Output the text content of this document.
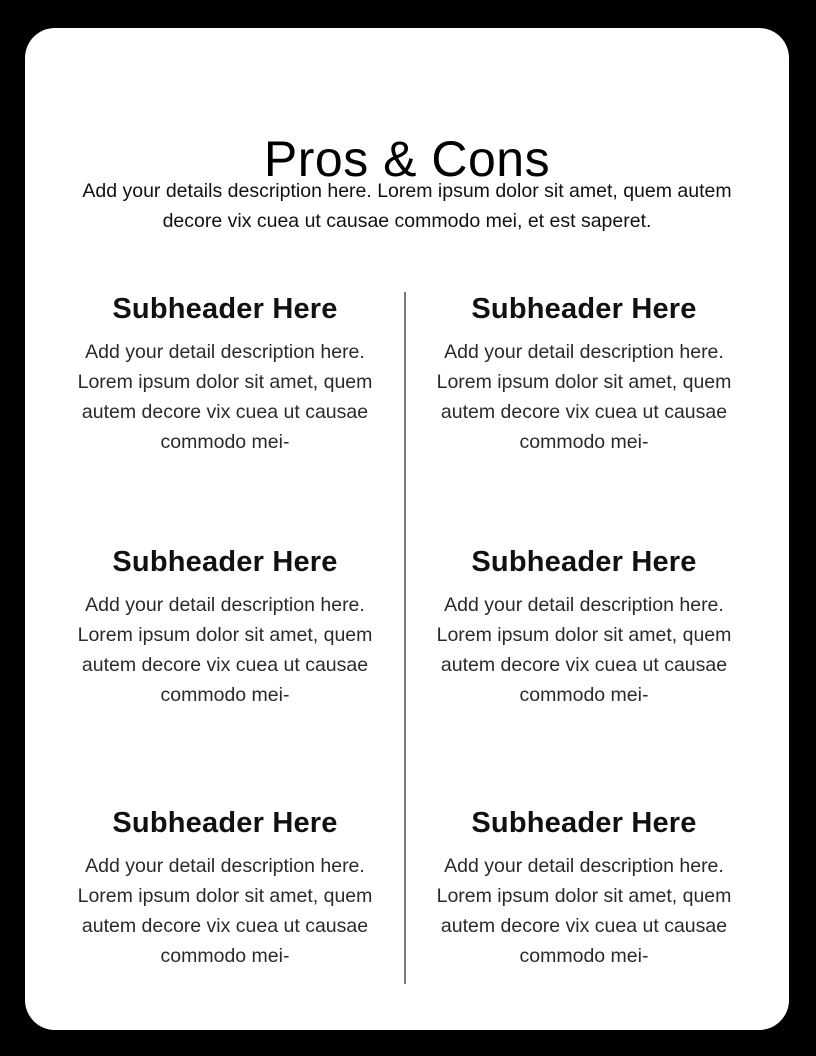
Pros & Cons
Add your details description here. Lorem ipsum dolor sit amet, quem autem decore vix cuea ut causae commodo mei, et est saperet.
Subheader Here

Add your detail description here. Lorem ipsum dolor sit amet, quem autem decore vix cuea ut causae commodo mei-

Subheader Here

Add your detail description here. Lorem ipsum dolor sit amet, quem autem decore vix cuea ut causae commodo mei-

Subheader Here

Add your detail description here. Lorem ipsum dolor sit amet, quem autem decore vix cuea ut causae commodo mei-

Subheader Here

Add your detail description here. Lorem ipsum dolor sit amet, quem autem decore vix cuea ut causae commodo mei-

Subheader Here

Add your detail description here. Lorem ipsum dolor sit amet, quem autem decore vix cuea ut causae commodo mei-

Subheader Here

Add your detail description here. Lorem ipsum dolor sit amet, quem autem decore vix cuea ut causae commodo mei-
